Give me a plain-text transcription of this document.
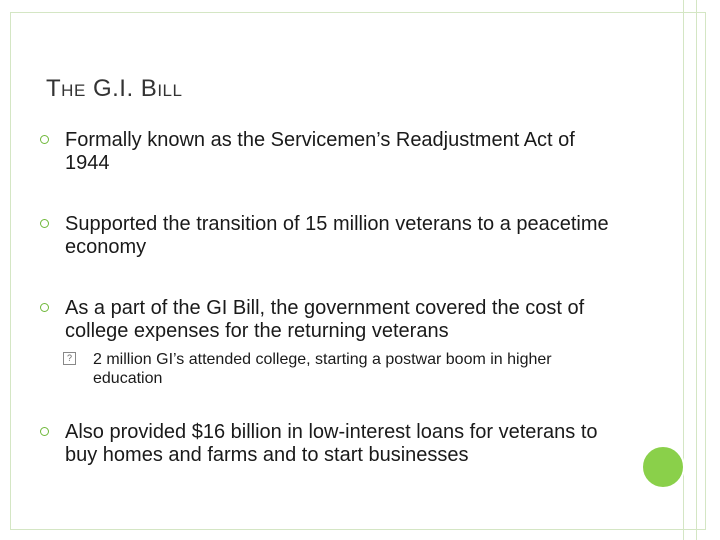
THE G.I. BILL
Formally known as the Servicemen’s Readjustment Act of 1944
Supported the transition of 15 million veterans to a peacetime economy
As a part of the GI Bill, the government covered the cost of college expenses for the returning veterans
? 2 million GI’s attended college, starting a postwar boom in higher education
Also provided $16 billion in low-interest loans for veterans to buy homes and farms and to start businesses
